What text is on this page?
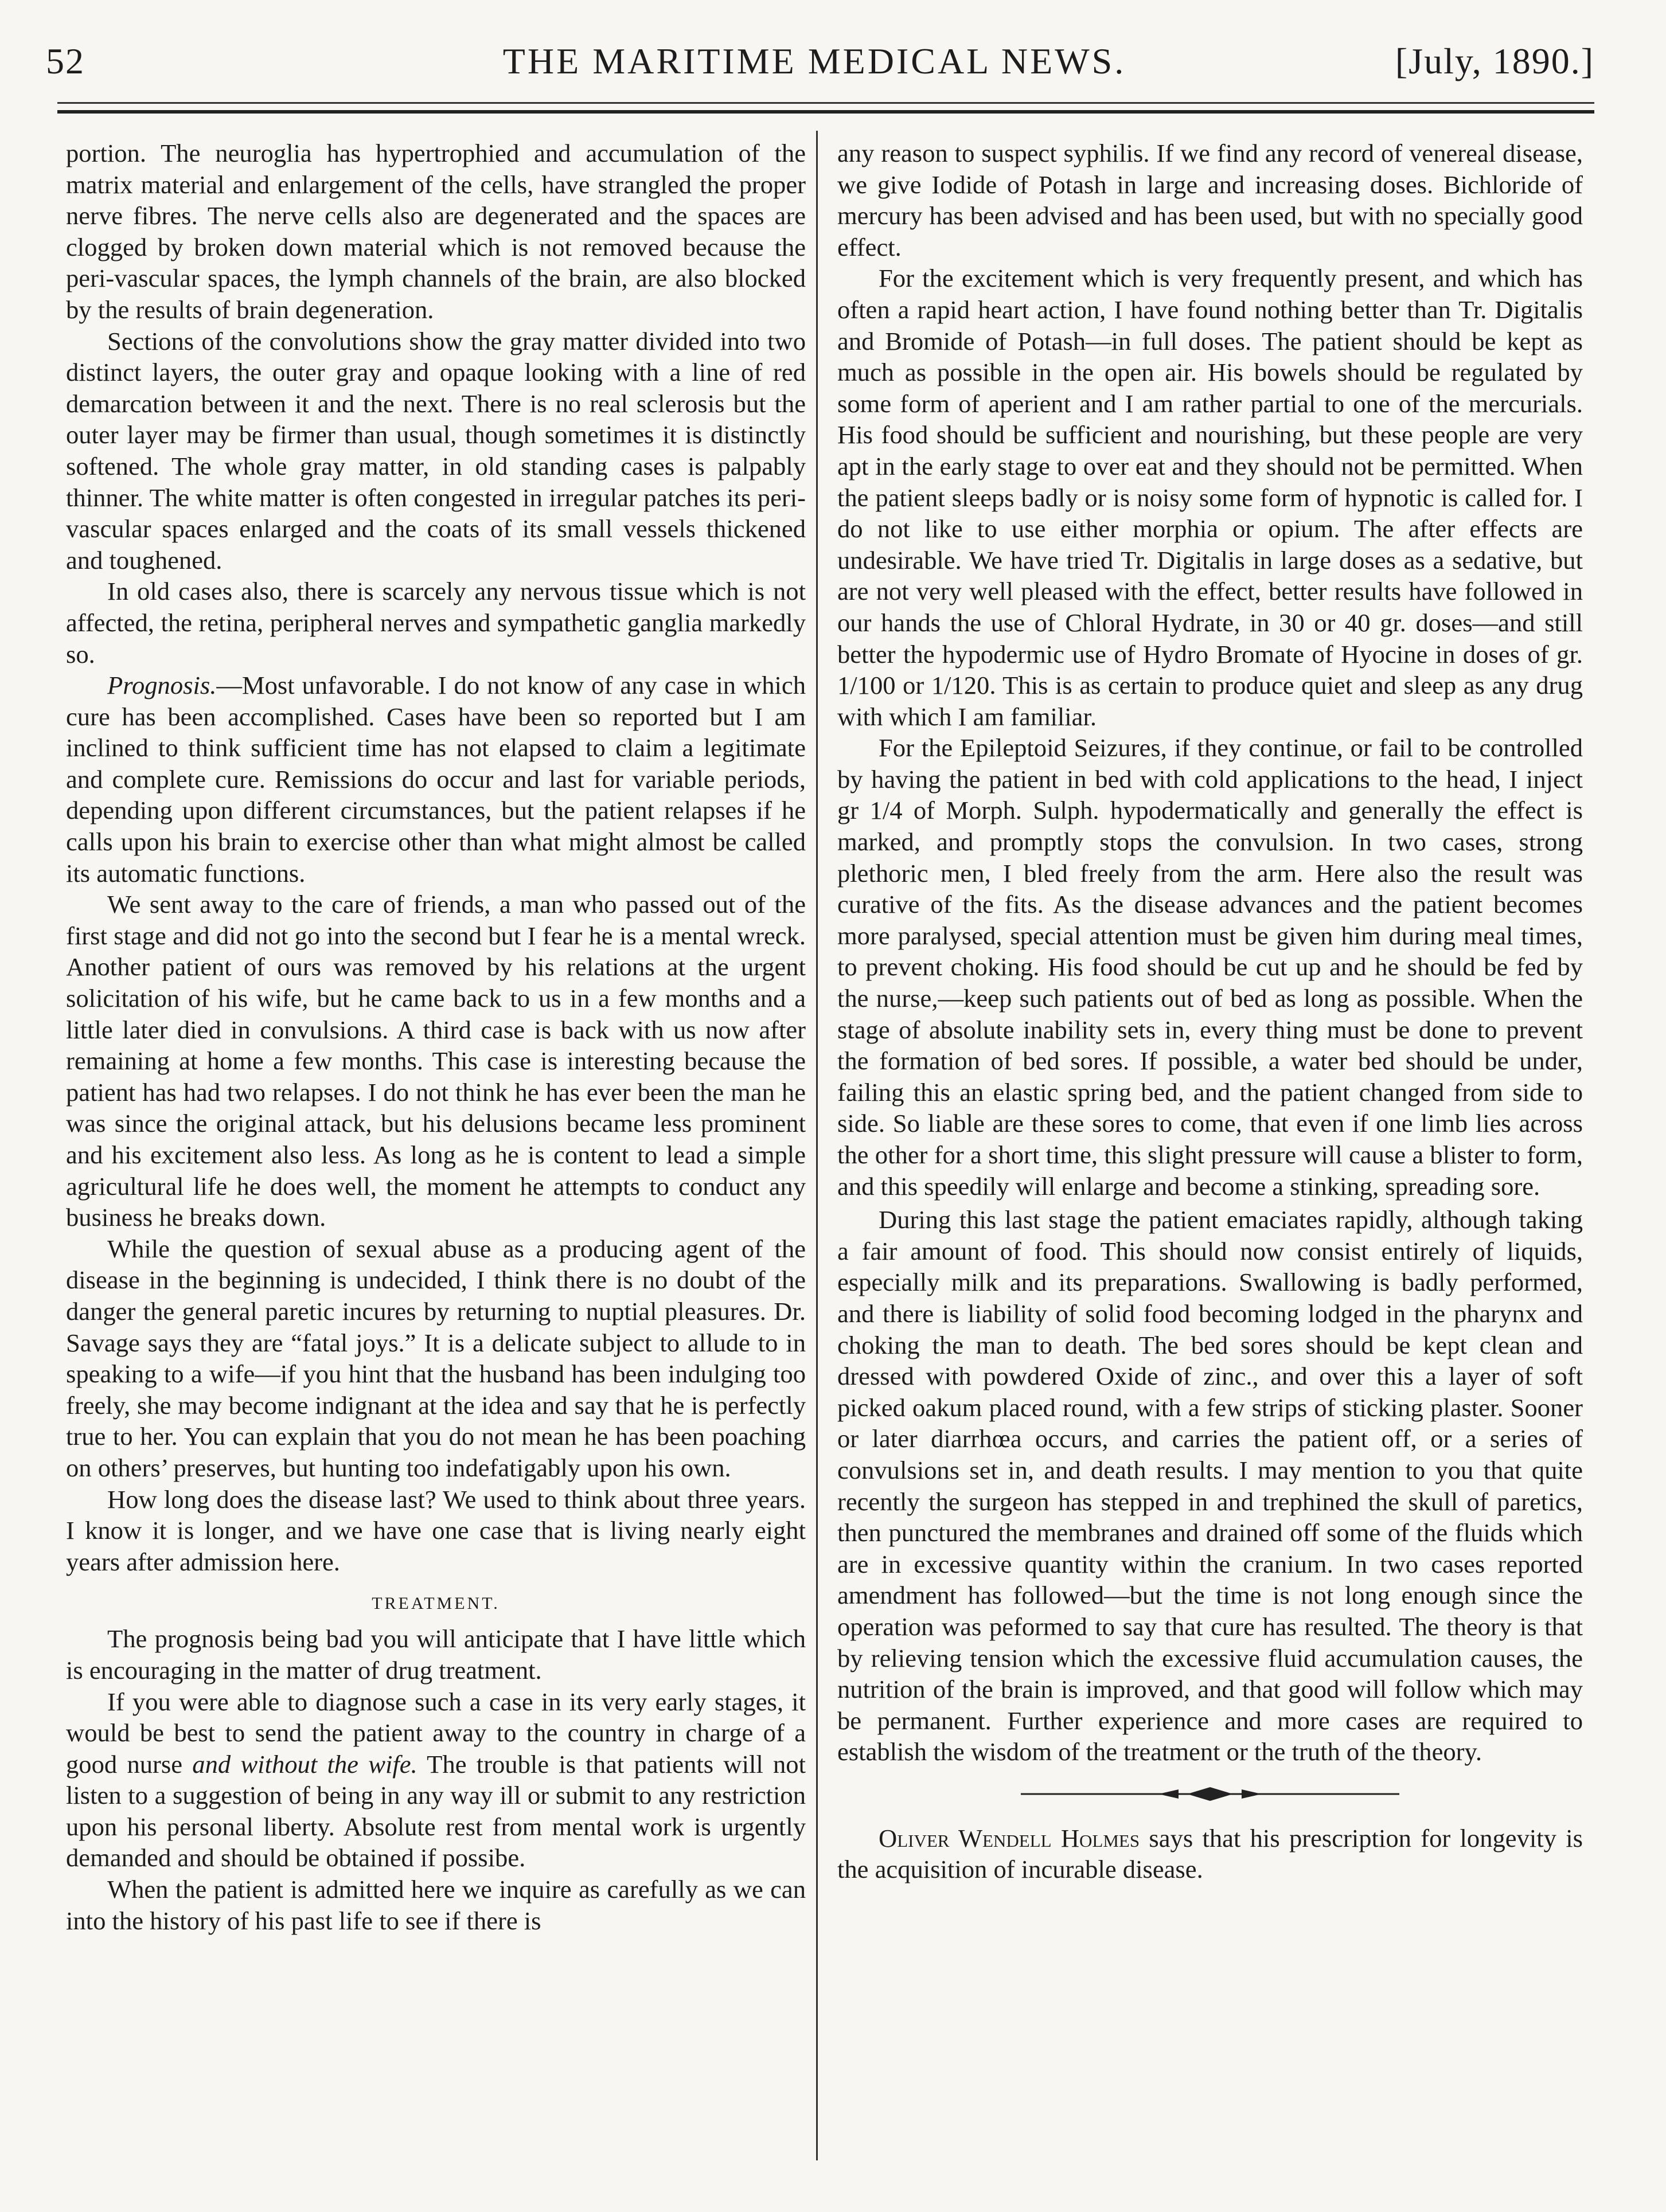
52	THE MARITIME MEDICAL NEWS.	[July, 1890.]

portion. The neuroglia has hypertrophied and accumulation of the matrix material and enlargement of the cells, have strangled the proper nerve fibres. The nerve cells also are degenerated and the spaces are clogged by broken down material which is not removed because the peri-vascular spaces, the lymph channels of the brain, are also blocked by the results of brain degeneration.

Sections of the convolutions show the gray matter divided into two distinct layers, the outer gray and opaque looking with a line of red demarcation between it and the next. There is no real sclerosis but the outer layer may be firmer than usual, though sometimes it is distinctly softened. The whole gray matter, in old standing cases is palpably thinner. The white matter is often congested in irregular patches its peri-vascular spaces enlarged and the coats of its small vessels thickened and toughened.

In old cases also, there is scarcely any nervous tissue which is not affected, the retina, peripheral nerves and sympathetic ganglia markedly so.

Prognosis.—Most unfavorable. I do not know of any case in which cure has been accomplished. Cases have been so reported but I am inclined to think sufficient time has not elapsed to claim a legitimate and complete cure. Remissions do occur and last for variable periods, depending upon different circumstances, but the patient relapses if he calls upon his brain to exercise other than what might almost be called its automatic functions.

We sent away to the care of friends, a man who passed out of the first stage and did not go into the second but I fear he is a mental wreck. Another patient of ours was removed by his relations at the urgent solicitation of his wife, but he came back to us in a few months and a little later died in convulsions. A third case is back with us now after remaining at home a few months. This case is interesting because the patient has had two relapses. I do not think he has ever been the man he was since the original attack, but his delusions became less prominent and his excitement also less. As long as he is content to lead a simple agricultural life he does well, the moment he attempts to conduct any business he breaks down.

While the question of sexual abuse as a producing agent of the disease in the beginning is undecided, I think there is no doubt of the danger the general paretic incures by returning to nuptial pleasures. Dr. Savage says they are “fatal joys.” It is a delicate subject to allude to in speaking to a wife—if you hint that the husband has been indulging too freely, she may become indignant at the idea and say that he is perfectly true to her. You can explain that you do not mean he has been poaching on others’ preserves, but hunting too indefatigably upon his own.

How long does the disease last? We used to think about three years. I know it is longer, and we have one case that is living nearly eight years after admission here.

TREATMENT.

The prognosis being bad you will anticipate that I have little which is encouraging in the matter of drug treatment.

If you were able to diagnose such a case in its very early stages, it would be best to send the patient away to the country in charge of a good nurse and without the wife. The trouble is that patients will not listen to a suggestion of being in any way ill or submit to any restriction upon his personal liberty. Absolute rest from mental work is urgently demanded and should be obtained if possibe.

When the patient is admitted here we inquire as carefully as we can into the history of his past life to see if there is

any reason to suspect syphilis. If we find any record of venereal disease, we give Iodide of Potash in large and increasing doses. Bichloride of mercury has been advised and has been used, but with no specially good effect.

For the excitement which is very frequently present, and which has often a rapid heart action, I have found nothing better than Tr. Digitalis and Bromide of Potash—in full doses. The patient should be kept as much as possible in the open air. His bowels should be regulated by some form of aperient and I am rather partial to one of the mercurials. His food should be sufficient and nourishing, but these people are very apt in the early stage to over eat and they should not be permitted. When the patient sleeps badly or is noisy some form of hypnotic is called for. I do not like to use either morphia or opium. The after effects are undesirable. We have tried Tr. Digitalis in large doses as a sedative, but are not very well pleased with the effect, better results have followed in our hands the use of Chloral Hydrate, in 30 or 40 gr. doses—and still better the hypodermic use of Hydro Bromate of Hyocine in doses of gr. 1/100 or 1/120. This is as certain to produce quiet and sleep as any drug with which I am familiar.

For the Epileptoid Seizures, if they continue, or fail to be controlled by having the patient in bed with cold applications to the head, I inject gr 1/4 of Morph. Sulph. hypodermatically and generally the effect is marked, and promptly stops the convulsion. In two cases, strong plethoric men, I bled freely from the arm. Here also the result was curative of the fits. As the disease advances and the patient becomes more paralysed, special attention must be given him during meal times, to prevent choking. His food should be cut up and he should be fed by the nurse,—keep such patients out of bed as long as possible. When the stage of absolute inability sets in, every thing must be done to prevent the formation of bed sores. If possible, a water bed should be under, failing this an elastic spring bed, and the patient changed from side to side. So liable are these sores to come, that even if one limb lies across the other for a short time, this slight pressure will cause a blister to form, and this speedily will enlarge and become a stinking, spreading sore.

During this last stage the patient emaciates rapidly, although taking a fair amount of food. This should now consist entirely of liquids, especially milk and its preparations. Swallowing is badly performed, and there is liability of solid food becoming lodged in the pharynx and choking the man to death. The bed sores should be kept clean and dressed with powdered Oxide of zinc., and over this a layer of soft picked oakum placed round, with a few strips of sticking plaster. Sooner or later diarrhœa occurs, and carries the patient off, or a series of convulsions set in, and death results. I may mention to you that quite recently the surgeon has stepped in and trephined the skull of paretics, then punctured the membranes and drained off some of the fluids which are in excessive quantity within the cranium. In two cases reported amendment has followed—but the time is not long enough since the operation was peformed to say that cure has resulted. The theory is that by relieving tension which the excessive fluid accumulation causes, the nutrition of the brain is improved, and that good will follow which may be permanent. Further experience and more cases are required to establish the wisdom of the treatment or the truth of the theory.

Oliver Wendell Holmes says that his prescription for longevity is the acquisition of incurable disease.
